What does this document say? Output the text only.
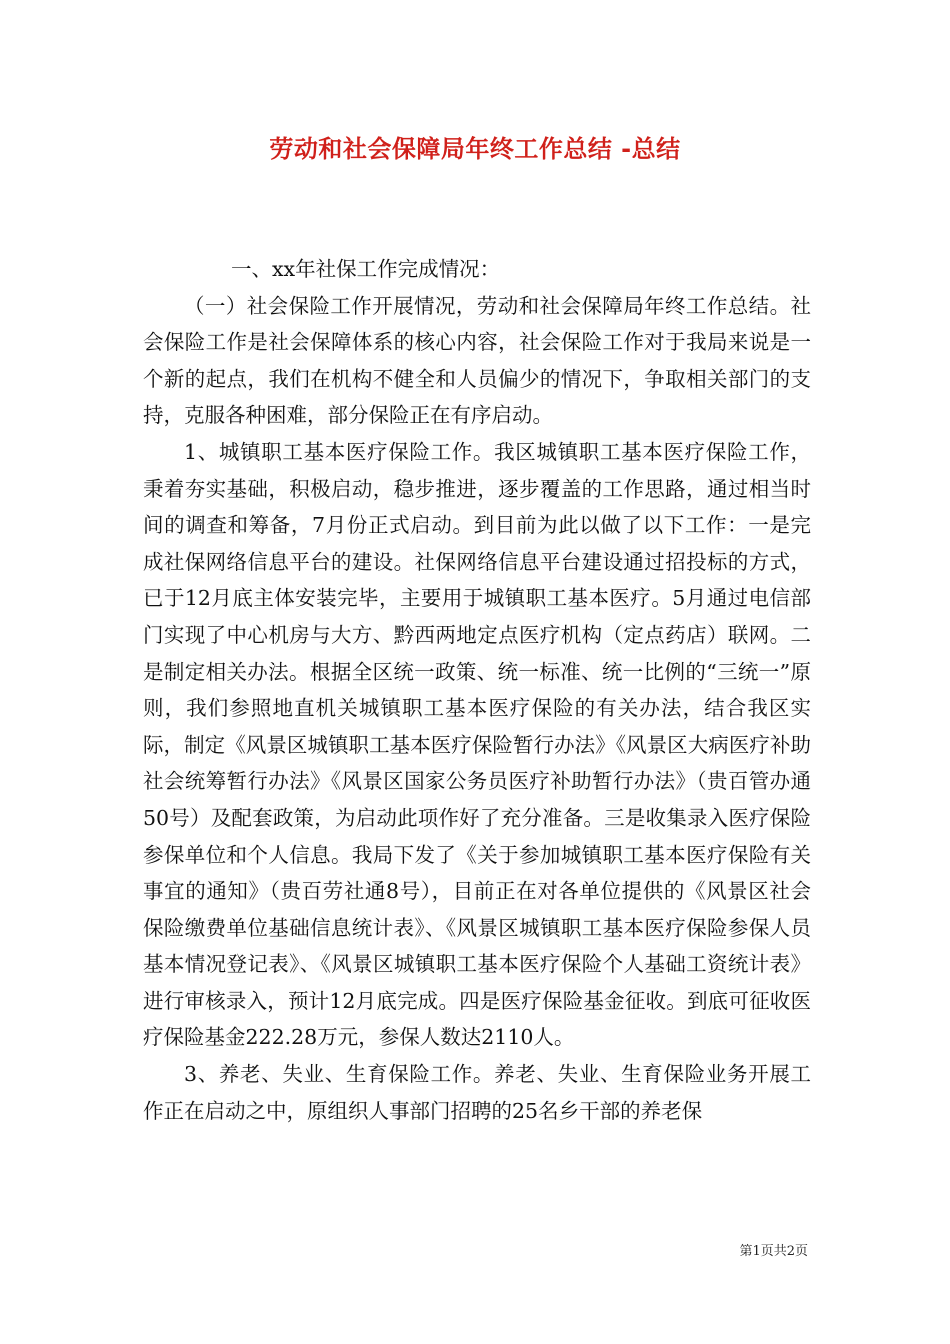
劳动和社会保障局年终工作总结 -总结

一、xx年社保工作完成情况：

（一）社会保险工作开展情况，劳动和社会保障局年终工作总结。社会保险工作是社会保障体系的核心内容，社会保险工作对于我局来说是一个新的起点，我们在机构不健全和人员偏少的情况下，争取相关部门的支持，克服各种困难，部分保险正在有序启动。

1、城镇职工基本医疗保险工作。我区城镇职工基本医疗保险工作，秉着夯实基础，积极启动，稳步推进，逐步覆盖的工作思路，通过相当时间的调查和筹备，7月份正式启动。到目前为此以做了以下工作：一是完成社保网络信息平台的建设。社保网络信息平台建设通过招投标的方式，已于12月底主体安装完毕，主要用于城镇职工基本医疗。5月通过电信部门实现了中心机房与大方、黔西两地定点医疗机构（定点药店）联网。二是制定相关办法。根据全区统一政策、统一标准、统一比例的“三统一”原则，我们参照地直机关城镇职工基本医疗保险的有关办法，结合我区实际，制定《风景区城镇职工基本医疗保险暂行办法》《风景区大病医疗补助社会统筹暂行办法》《风景区国家公务员医疗补助暂行办法》（贵百管办通50号）及配套政策，为启动此项作好了充分准备。三是收集录入医疗保险参保单位和个人信息。我局下发了《关于参加城镇职工基本医疗保险有关事宜的通知》（贵百劳社通8号），目前正在对各单位提供的《风景区社会保险缴费单位基础信息统计表》、《风景区城镇职工基本医疗保险参保人员基本情况登记表》、《风景区城镇职工基本医疗保险个人基础工资统计表》进行审核录入，预计12月底完成。四是医疗保险基金征收。到底可征收医疗保险基金222.28万元，参保人数达2110人。

3、养老、失业、生育保险工作。养老、失业、生育保险业务开展工作正在启动之中，原组织人事部门招聘的25名乡干部的养老保

第1页共2页
